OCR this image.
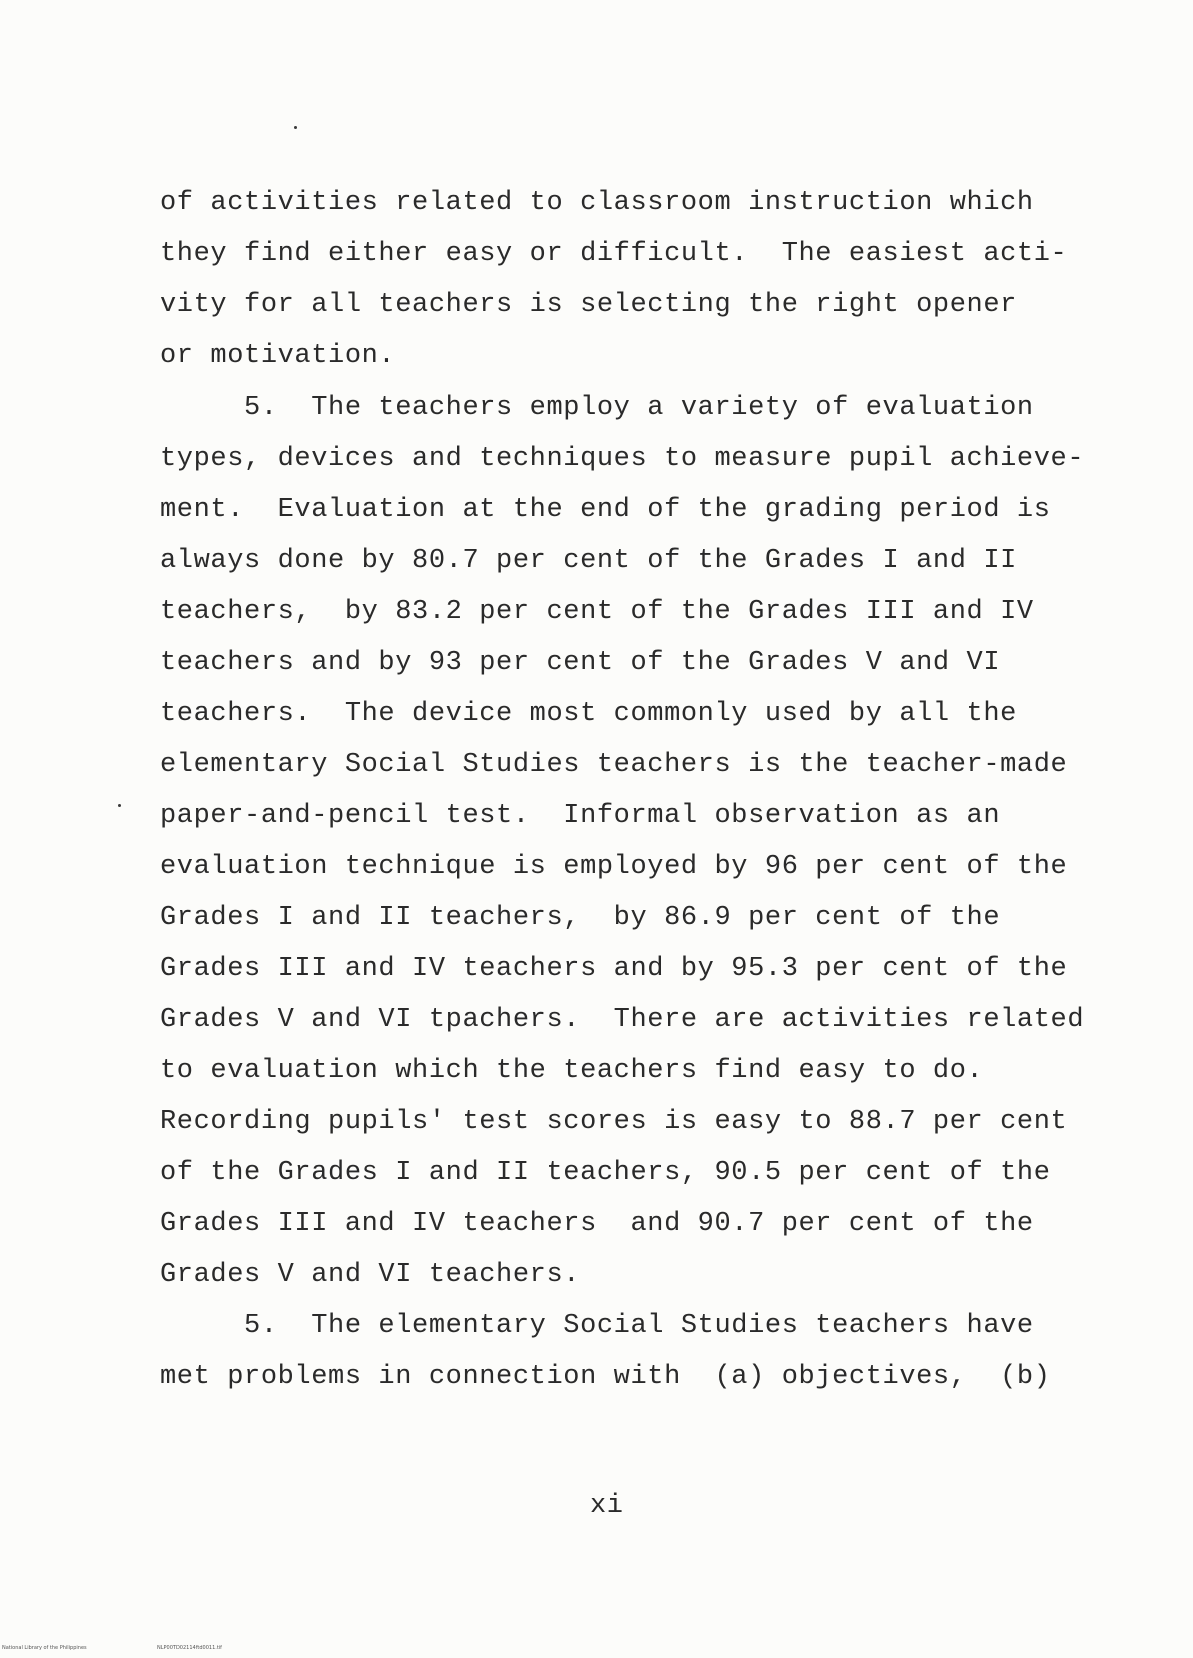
of activities related to classroom instruction which
they find either easy or difficult.  The easiest acti-
vity for all teachers is selecting the right opener
or motivation.
5.  The teachers employ a variety of evaluation
types, devices and techniques to measure pupil achieve-
ment.  Evaluation at the end of the grading period is
always done by 80.7 per cent of the Grades I and II
teachers,  by 83.2 per cent of the Grades III and IV
teachers and by 93 per cent of the Grades V and VI
teachers.  The device most commonly used by all the
elementary Social Studies teachers is the teacher-made
paper-and-pencil test.  Informal observation as an
evaluation technique is employed by 96 per cent of the
Grades I and II teachers,  by 86.9 per cent of the
Grades III and IV teachers and by 95.3 per cent of the
Grades V and VI tpachers.  There are activities related
to evaluation which the teachers find easy to do.
Recording pupils' test scores is easy to 88.7 per cent
of the Grades I and II teachers, 90.5 per cent of the
Grades III and IV teachers  and 90.7 per cent of the
Grades V and VI teachers.
5.  The elementary Social Studies teachers have
met problems in connection with  (a) objectives,  (b)
xi
National Library of the Philippines	NLP00TD02114ftd0011.tif
